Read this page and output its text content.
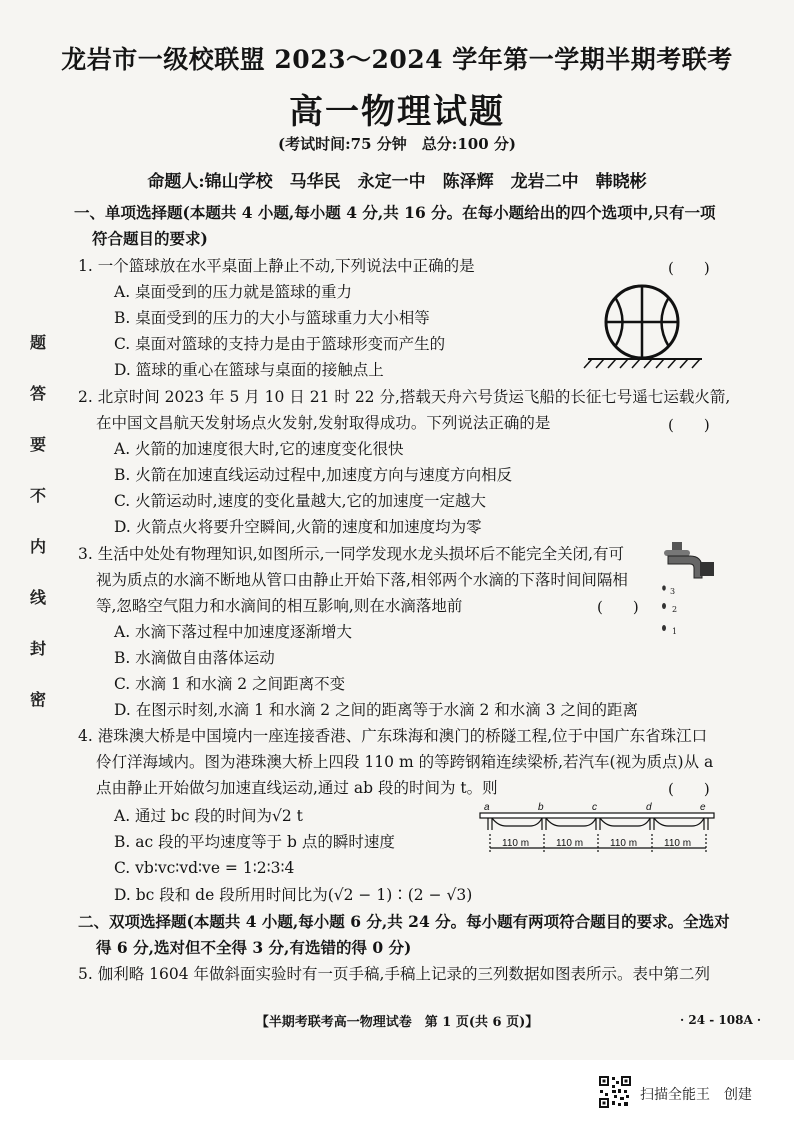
题
答
要
不
内
线
封
密
龙岩市一级校联盟 2023～2024 学年第一学期半期考联考
高一物理试题
(考试时间:75 分钟　总分:100 分)
命题人:锦山学校　马华民　永定一中　陈泽辉　龙岩二中　韩晓彬
一、单项选择题(本题共 4 小题,每小题 4 分,共 16 分。在每小题给出的四个选项中,只有一项
符合题目的要求)
1. 一个篮球放在水平桌面上静止不动,下列说法中正确的是	(　　)
A. 桌面受到的压力就是篮球的重力
B. 桌面受到的压力的大小与篮球重力大小相等
C. 桌面对篮球的支持力是由于篮球形变而产生的
D. 篮球的重心在篮球与桌面的接触点上
2. 北京时间 2023 年 5 月 10 日 21 时 22 分,搭载天舟六号货运飞船的长征七号遥七运载火箭,
在中国文昌航天发射场点火发射,发射取得成功。下列说法正确的是	(　　)
A. 火箭的加速度很大时,它的速度变化很快
B. 火箭在加速直线运动过程中,加速度方向与速度方向相反
C. 火箭运动时,速度的变化量越大,它的加速度一定越大
D. 火箭点火将要升空瞬间,火箭的速度和加速度均为零
3. 生活中处处有物理知识,如图所示,一同学发现水龙头损坏后不能完全关闭,有可
视为质点的水滴不断地从管口由静止开始下落,相邻两个水滴的下落时间间隔相
等,忽略空气阻力和水滴间的相互影响,则在水滴落地前	(　　)
A. 水滴下落过程中加速度逐渐增大
B. 水滴做自由落体运动
C. 水滴 1 和水滴 2 之间距离不变
D. 在图示时刻,水滴 1 和水滴 2 之间的距离等于水滴 2 和水滴 3 之间的距离
3
2
1
4. 港珠澳大桥是中国境内一座连接香港、广东珠海和澳门的桥隧工程,位于中国广东省珠江口
伶仃洋海域内。图为港珠澳大桥上四段 110 m 的等跨钢箱连续梁桥,若汽车(视为质点)从 a
点由静止开始做匀加速直线运动,通过 ab 段的时间为 t。则	(　　)
A. 通过 bc 段的时间为√2 t
B. ac 段的平均速度等于 b 点的瞬时速度
C. vb∶vc∶vd∶ve = 1∶2∶3∶4
D. bc 段和 de 段所用时间比为(√2 − 1)∶(2 − √3)
a	b	c	d	e
110 m	110 m	110 m	110 m
二、双项选择题(本题共 4 小题,每小题 6 分,共 24 分。每小题有两项符合题目的要求。全选对
得 6 分,选对但不全得 3 分,有选错的得 0 分)
5. 伽利略 1604 年做斜面实验时有一页手稿,手稿上记录的三列数据如图表所示。表中第二列
【半期考联考高一物理试卷　第 1 页(共 6 页)】	· 24 - 108A ·
扫描全能王　创建
